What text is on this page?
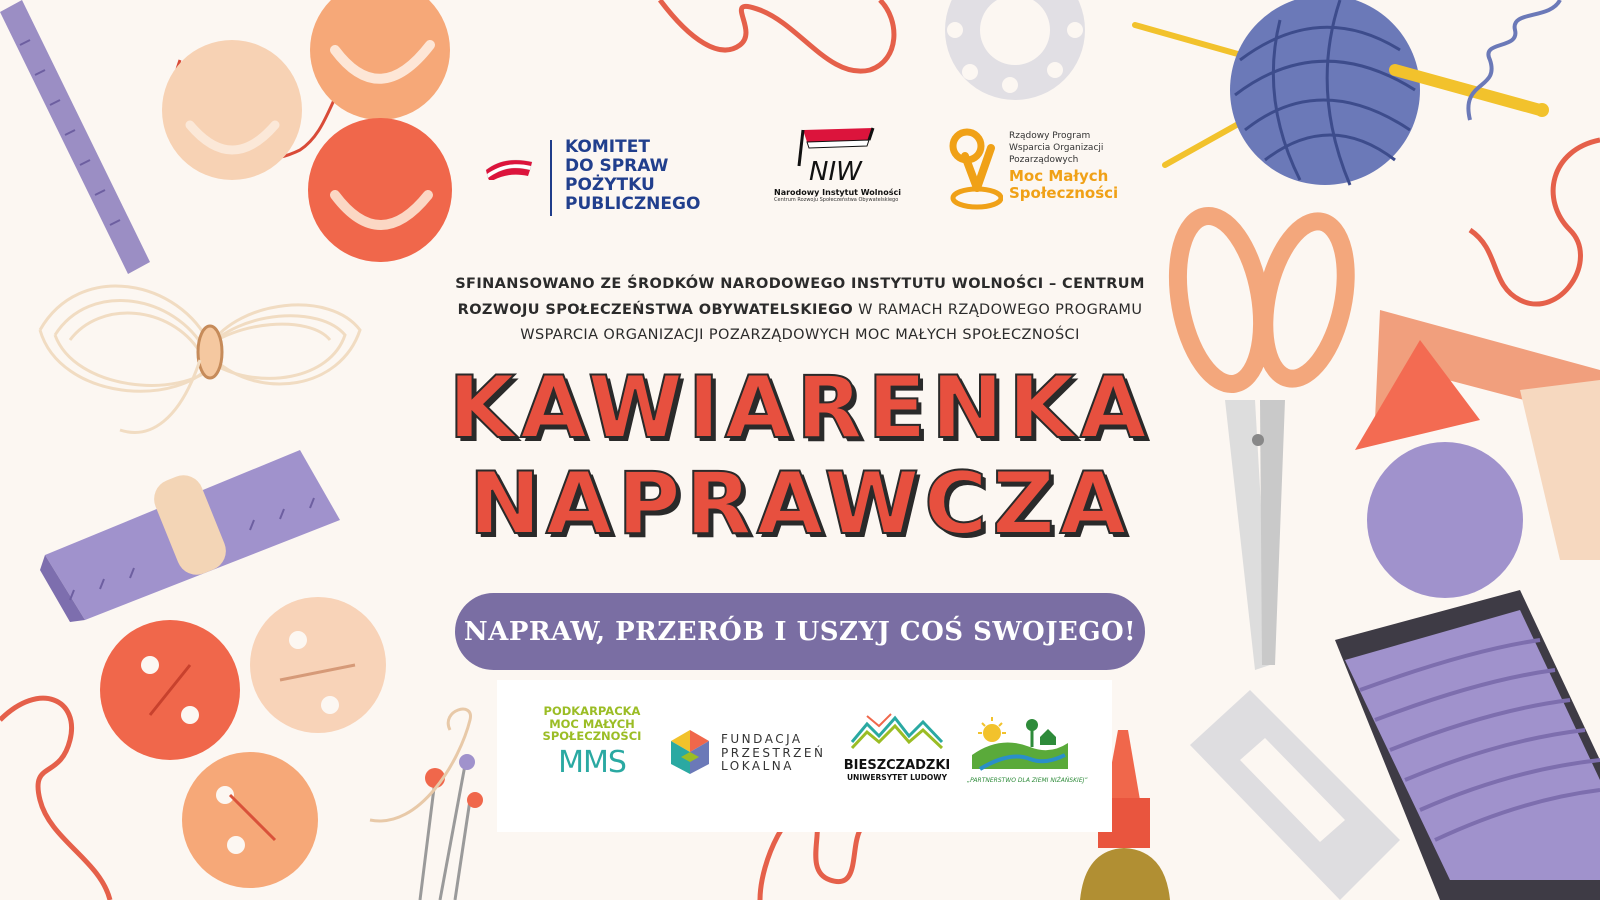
KOMITET
DO SPRAW
POŻYTKU
PUBLICZNEGO
NIW
Narodowy Instytut Wolności
Centrum Rozwoju Społeczeństwa Obywatelskiego
Rządowy Program
Wsparcia Organizacji
Pozarządowych
Moc Małych
Społeczności
SFINANSOWANO ZE ŚRODKÓW NARODOWEGO INSTYTUTU WOLNOŚCI – CENTRUM ROZWOJU SPOŁECZEŃSTWA OBYWATELSKIEGO W RAMACH RZĄDOWEGO PROGRAMU WSPARCIA ORGANIZACJI POZARZĄDOWYCH MOC MAŁYCH SPOŁECZNOŚCI
KAWIARENKA
NAPRAWCZA
NAPRAW, PRZERÓB I USZYJ COŚ SWOJEGO!
PODKARPACKA
MOC MAŁYCH
SPOŁECZNOŚCI
MMS
FUNDACJA
PRZESTRZEŃ
LOKALNA	BIESZCZADZKI
UNIWERSYTET LUDOWY	„PARTNERSTWO DLA ZIEMI NIŻAŃSKIEJ”
